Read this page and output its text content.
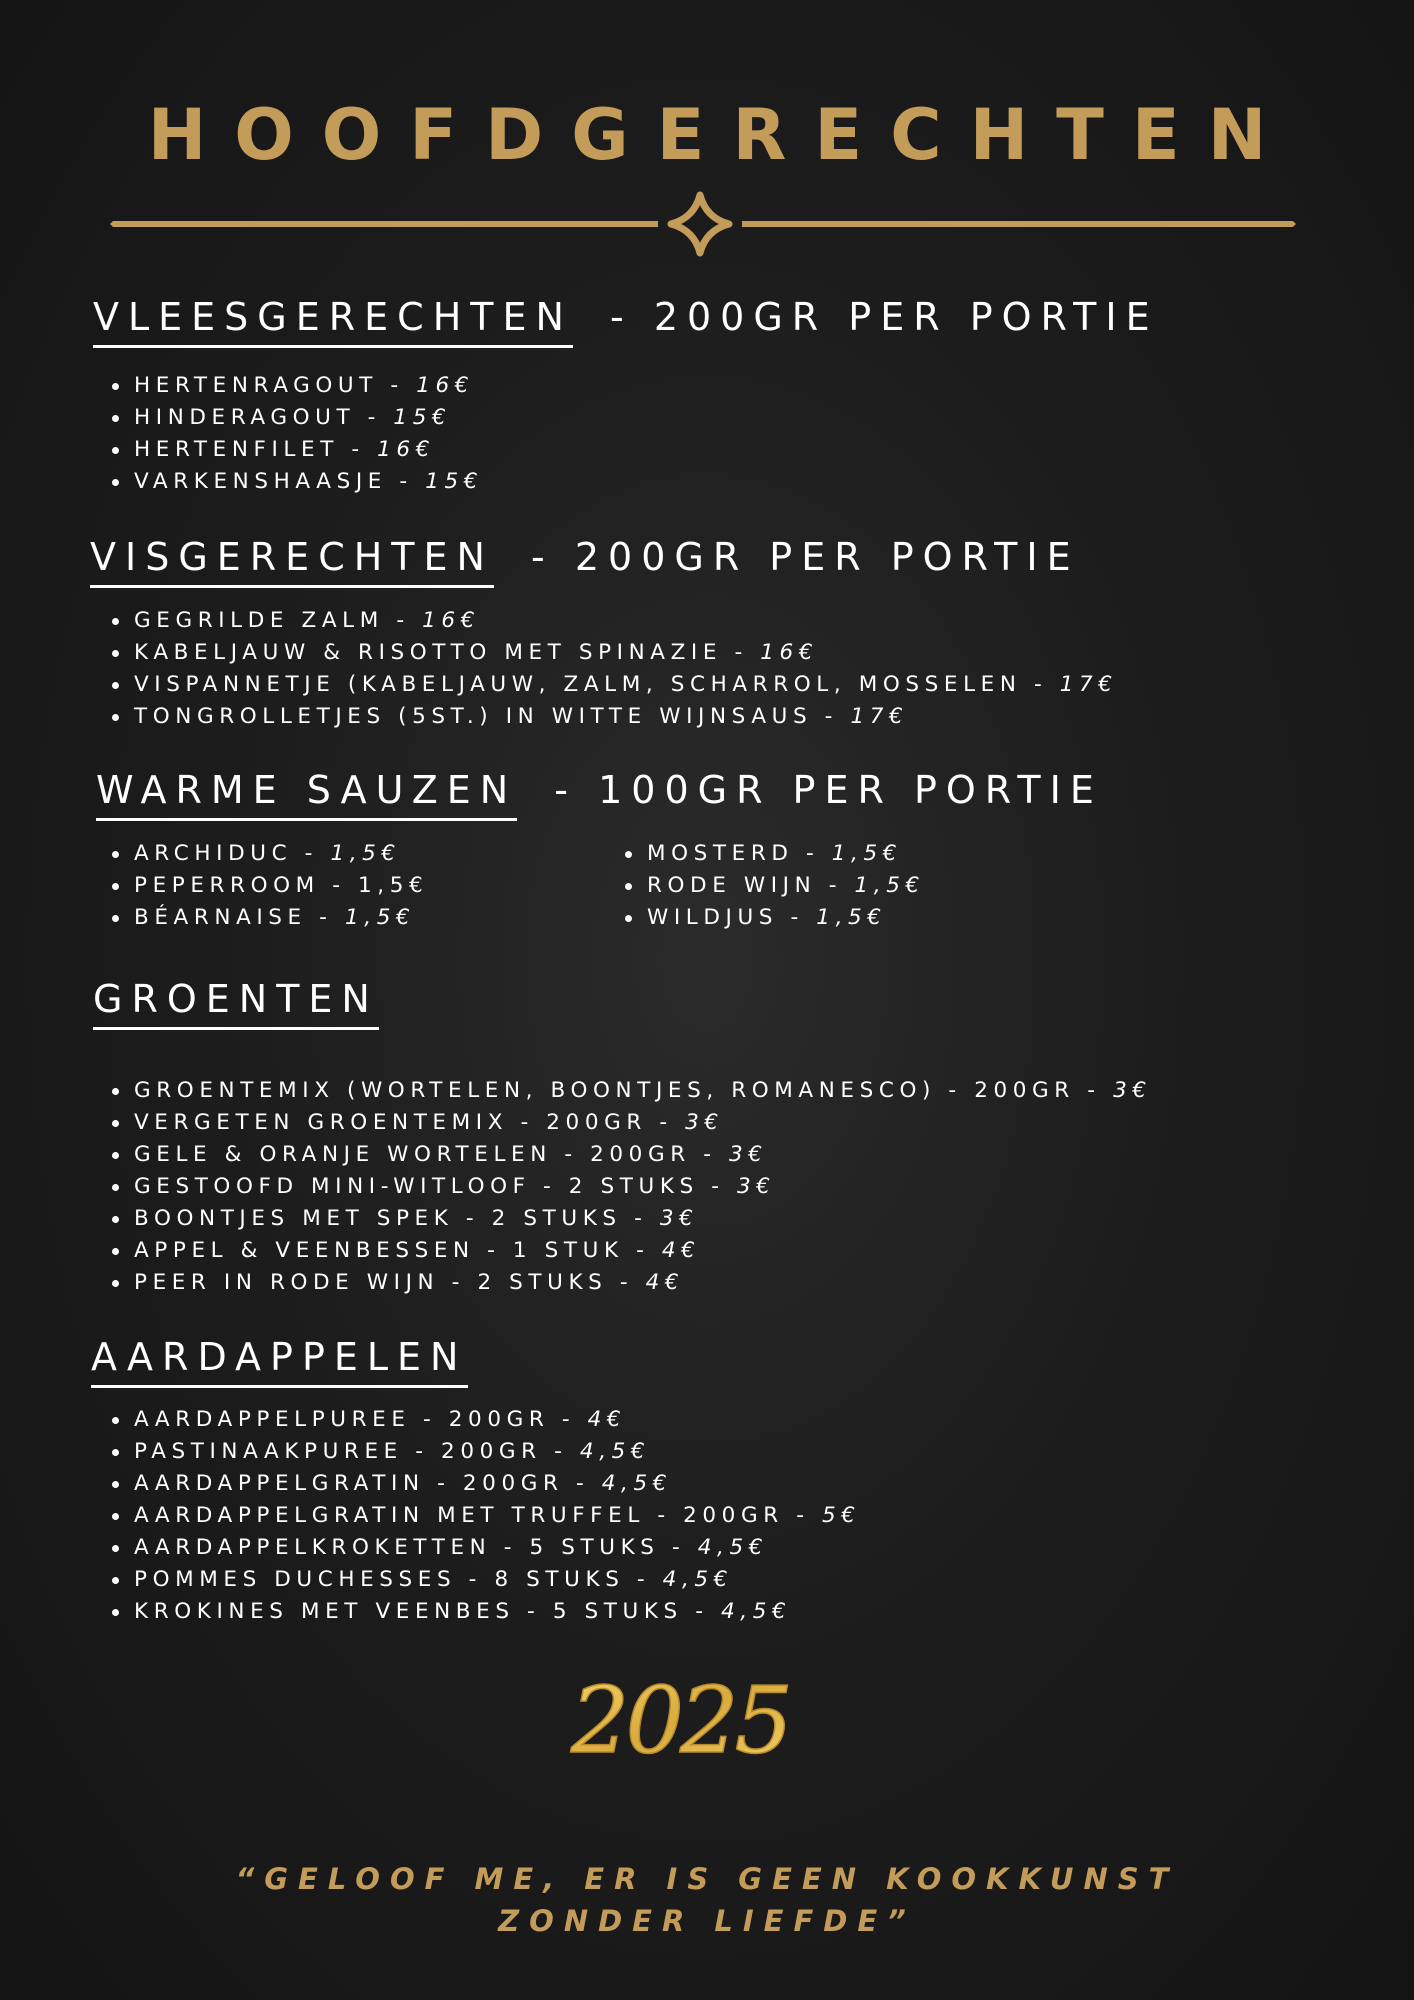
HOOFDGERECHTEN
VLEESGERECHTEN - 200GR PER PORTIE
HERTENRAGOUT - 16€
HINDERAGOUT - 15€
HERTENFILET - 16€
VARKENSHAASJE - 15€
VISGERECHTEN - 200GR PER PORTIE
GEGRILDE ZALM - 16€
KABELJAUW & RISOTTO MET SPINAZIE - 16€
VISPANNETJE (KABELJAUW, ZALM, SCHARROL, MOSSELEN - 17€
TONGROLLETJES (5ST.) IN WITTE WIJNSAUS - 17€
WARME SAUZEN - 100GR PER PORTIE
ARCHIDUC - 1,5€
PEPERROOM - 1,5€
BÉARNAISE - 1,5€
MOSTERD - 1,5€
RODE WIJN - 1,5€
WILDJUS - 1,5€
GROENTEN
GROENTEMIX (WORTELEN, BOONTJES, ROMANESCO) - 200GR - 3€
VERGETEN GROENTEMIX - 200GR - 3€
GELE & ORANJE WORTELEN - 200GR - 3€
GESTOOFD MINI-WITLOOF - 2 STUKS - 3€
BOONTJES MET SPEK - 2 STUKS - 3€
APPEL & VEENBESSEN - 1 STUK - 4€
PEER IN RODE WIJN - 2 STUKS - 4€
AARDAPPELEN
AARDAPPELPUREE - 200GR - 4€
PASTINAAKPUREE - 200GR - 4,5€
AARDAPPELGRATIN - 200GR - 4,5€
AARDAPPELGRATIN MET TRUFFEL - 200GR - 5€
AARDAPPELKROKETTEN - 5 STUKS - 4,5€
POMMES DUCHESSES - 8 STUKS - 4,5€
KROKINES MET VEENBES - 5 STUKS - 4,5€
2025
“GELOOF ME, ER IS GEEN KOOKKUNST
ZONDER LIEFDE”
